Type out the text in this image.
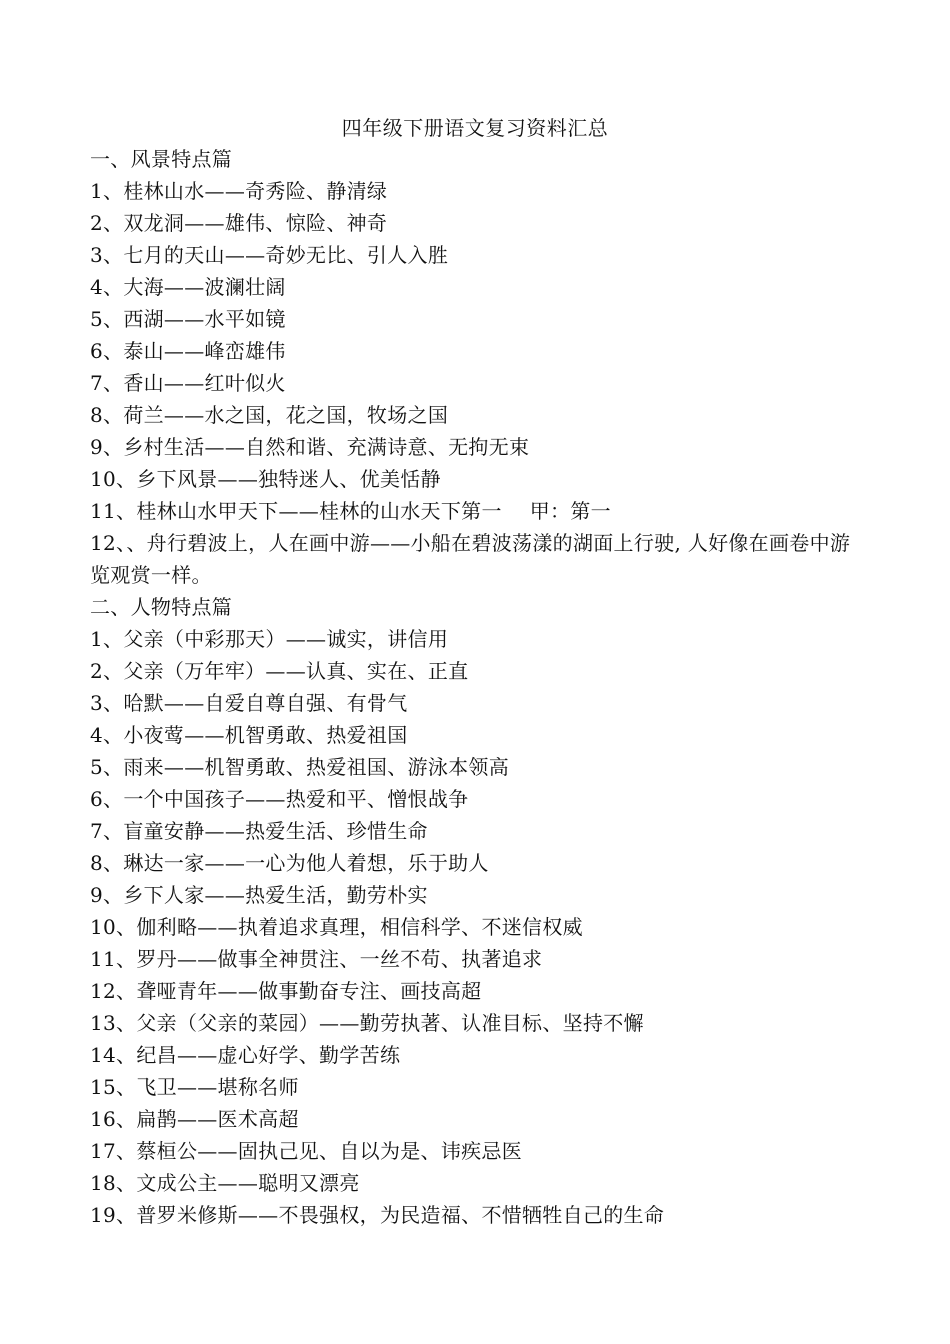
四年级下册语文复习资料汇总
一、风景特点篇
1、桂林山水——奇秀险、静清绿
2、双龙洞——雄伟、惊险、神奇
3、七月的天山——奇妙无比、引人入胜
4、大海——波澜壮阔
5、西湖——水平如镜
6、泰山——峰峦雄伟
7、香山——红叶似火
8、荷兰——水之国，花之国，牧场之国
9、乡村生活——自然和谐、充满诗意、无拘无束
10、乡下风景——独特迷人、优美恬静
11、桂林山水甲天下——桂林的山水天下第一 甲：第一
12、、舟行碧波上，人在画中游——小船在碧波荡漾的湖面上行驶, 人好像在画卷中游览观赏一样。
二、人物特点篇
1、父亲（中彩那天）——诚实，讲信用
2、父亲（万年牢）——认真、实在、正直
3、哈默——自爱自尊自强、有骨气
4、小夜莺——机智勇敢、热爱祖国
5、雨来——机智勇敢、热爱祖国、游泳本领高
6、一个中国孩子——热爱和平、憎恨战争
7、盲童安静——热爱生活、珍惜生命
8、琳达一家——一心为他人着想，乐于助人
9、乡下人家——热爱生活，勤劳朴实
10、伽利略——执着追求真理，相信科学、不迷信权威
11、罗丹——做事全神贯注、一丝不苟、执著追求
12、聋哑青年——做事勤奋专注、画技高超
13、父亲（父亲的菜园）——勤劳执著、认准目标、坚持不懈
14、纪昌——虚心好学、勤学苦练
15、飞卫——堪称名师
16、扁鹊——医术高超
17、蔡桓公——固执己见、自以为是、讳疾忌医
18、文成公主——聪明又漂亮
19、普罗米修斯——不畏强权，为民造福、不惜牺牲自己的生命
